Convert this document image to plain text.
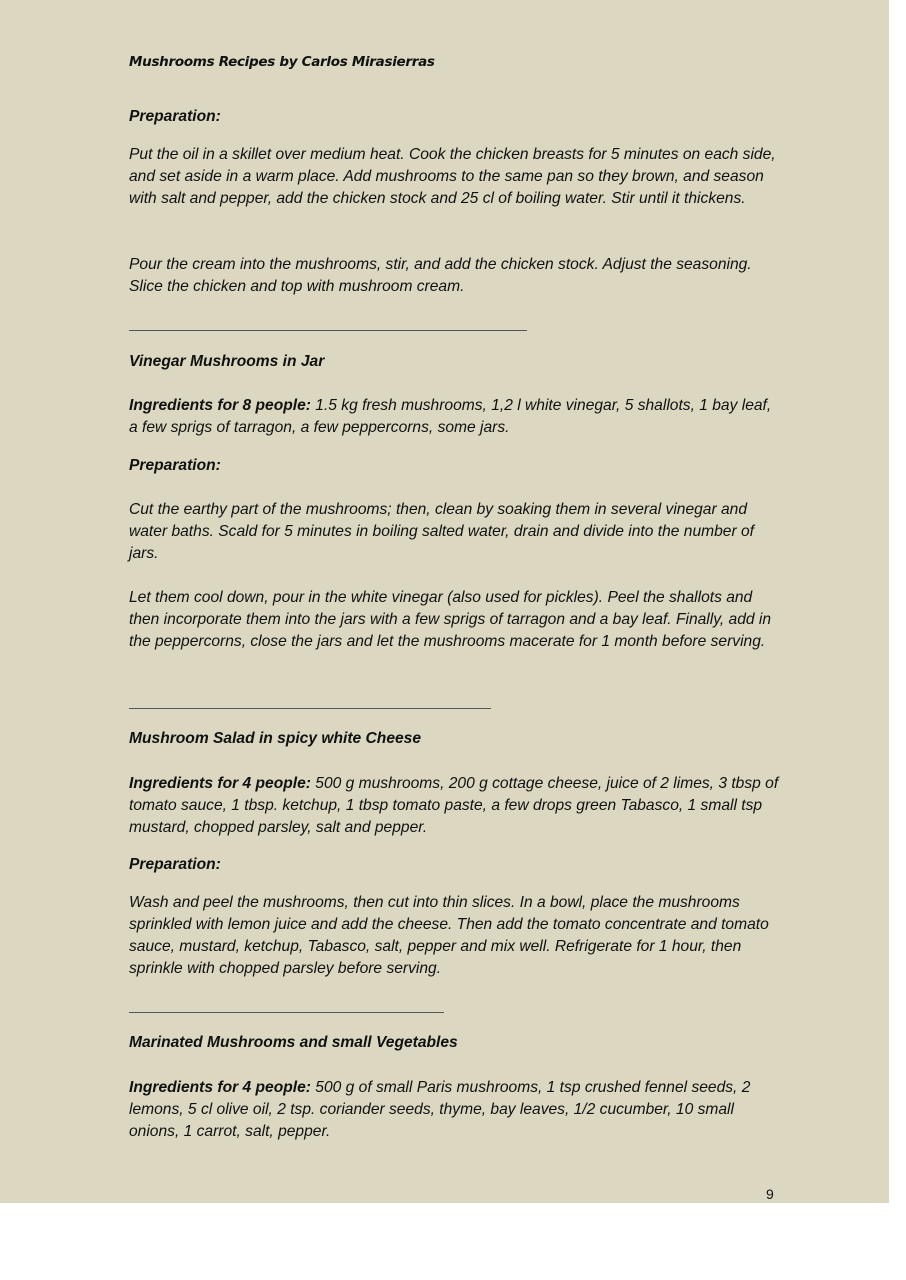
Mushrooms Recipes by Carlos Mirasierras

Preparation:

Put the oil in a skillet over medium heat. Cook the chicken breasts for 5 minutes on each side, and set aside in a warm place. Add mushrooms to the same pan so they brown, and season with salt and pepper, add the chicken stock and 25 cl of boiling water. Stir until it thickens.

Pour the cream into the mushrooms, stir, and add the chicken stock. Adjust the seasoning. Slice the chicken and top with mushroom cream.

Vinegar Mushrooms in Jar

Ingredients for 8 people: 1.5 kg fresh mushrooms, 1,2 l white vinegar, 5 shallots, 1 bay leaf, a few sprigs of tarragon, a few peppercorns, some jars.

Preparation:

Cut the earthy part of the mushrooms; then, clean by soaking them in several vinegar and water baths. Scald for 5 minutes in boiling salted water, drain and divide into the number of jars.

Let them cool down, pour in the white vinegar (also used for pickles). Peel the shallots and then incorporate them into the jars with a few sprigs of tarragon and a bay leaf. Finally, add in the peppercorns, close the jars and let the mushrooms macerate for 1 month before serving.

Mushroom Salad in spicy white Cheese

Ingredients for 4 people: 500 g mushrooms, 200 g cottage cheese, juice of 2 limes, 3 tbsp of tomato sauce, 1 tbsp. ketchup, 1 tbsp tomato paste, a few drops green Tabasco, 1 small tsp mustard, chopped parsley, salt and pepper.

Preparation:

Wash and peel the mushrooms, then cut into thin slices. In a bowl, place the mushrooms sprinkled with lemon juice and add the cheese. Then add the tomato concentrate and tomato sauce, mustard, ketchup, Tabasco, salt, pepper and mix well. Refrigerate for 1 hour, then sprinkle with chopped parsley before serving.

Marinated Mushrooms and small Vegetables

Ingredients for 4 people: 500 g of small Paris mushrooms, 1 tsp crushed fennel seeds, 2 lemons, 5 cl olive oil, 2 tsp. coriander seeds, thyme, bay leaves, 1/2 cucumber, 10 small onions, 1 carrot, salt, pepper.

9
